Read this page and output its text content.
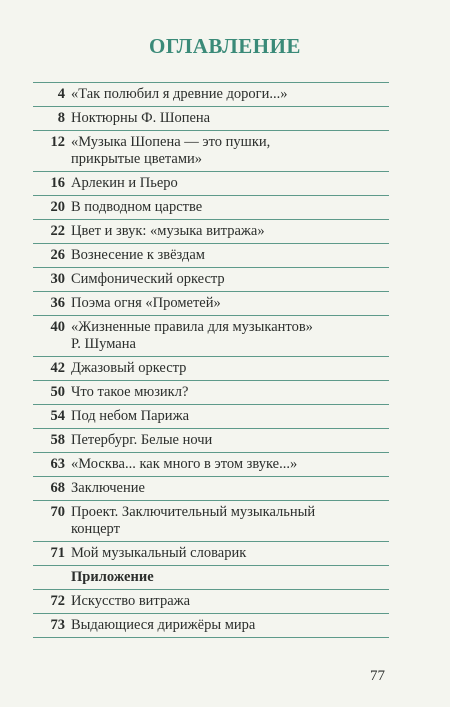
ОГЛАВЛЕНИЕ
4 «Так полюбил я древние дороги...»
8 Ноктюрны Ф. Шопена
12 «Музыка Шопена — это пушки,
прикрытые цветами»
16 Арлекин и Пьеро
20 В подводном царстве
22 Цвет и звук: «музыка витража»
26 Вознесение к звёздам
30 Симфонический оркестр
36 Поэма огня «Прометей»
40 «Жизненные правила для музыкантов»
Р. Шумана
42 Джазовый оркестр
50 Что такое мюзикл?
54 Под небом Парижа
58 Петербург. Белые ночи
63 «Москва... как много в этом звуке...»
68 Заключение
70 Проект. Заключительный музыкальный
концерт
71 Мой музыкальный словарик
Приложение
72 Искусство витража
73 Выдающиеся дирижёры мира
77
